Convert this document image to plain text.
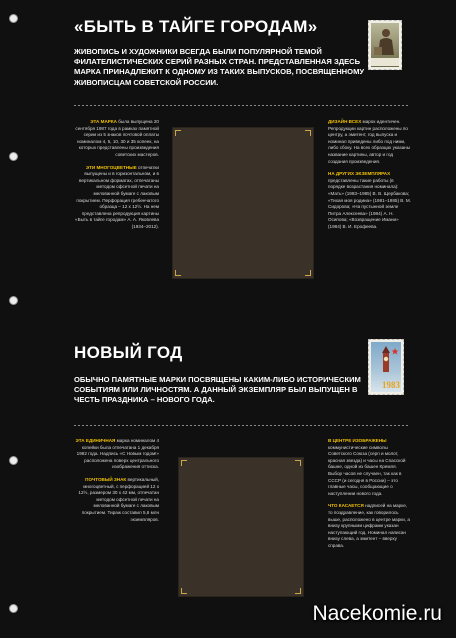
«БЫТЬ В ТАЙГЕ ГОРОДАМ»

ЖИВОПИСЬ И ХУДОЖНИКИ ВСЕГДА БЫЛИ ПОПУЛЯРНОЙ ТЕМОЙ ФИЛАТЕЛИСТИЧЕСКИХ СЕРИЙ РАЗНЫХ СТРАН. ПРЕДСТАВЛЕННАЯ ЗДЕСЬ МАРКА ПРИНАДЛЕЖИТ К ОДНОМУ ИЗ ТАКИХ ВЫПУСКОВ, ПОСВЯЩЕННОМУ ЖИВОПИСЦАМ СОВЕТСКОЙ РОССИИ.

ЭТА МАРКА была выпущена 20 сентября 1987 года в рамках памятной серии из 5 знаков почтовой оплаты номиналом 4, 5, 10, 30 и 35 копеек, на которых представлены произведения советских мастеров.

ЭТИ МНОГОЦВЕТНЫЕ отпечатки выпущены и в горизонтальном, и в вертикальном форматах, отпечатаны методом офсетной печати на мелованной бумаге с лаковым покрытием. Перфорация гребенчатого образца – 12 х 12½. На нем представлена репродукция картины «Быть в тайге городам» А. А. Яковлева (1934–2012).

ДИЗАЙН ВСЕХ марок идентичен. Репродукции картин расположены по центру, а эмитент, год выпуска и номинал приведены либо под ними, либо сбоку. На всех образцах указаны название картины, автор и год создания произведения.

НА ДРУГИХ ЭКЗЕМПЛЯРАХ представлены такие работы (в порядке возрастания номинала): «Мать» (1983–1985) В. В. Щербакова; «Тихая моя родина» (1981–1985) В. М. Сидорова; «На пустынной земле Питра Алексеева» (1984) А. Н. Осипова; «Возвращение Имани» (1984) В. И. Ерофеева.

НОВЫЙ ГОД

ОБЫЧНО ПАМЯТНЫЕ МАРКИ ПОСВЯЩЕНЫ КАКИМ-ЛИБО ИСТОРИЧЕСКИМ СОБЫТИЯМ ИЛИ ЛИЧНОСТЯМ. А ДАННЫЙ ЭКЗЕМПЛЯР БЫЛ ВЫПУЩЕН В ЧЕСТЬ ПРАЗДНИКА – НОВОГО ГОДА.

1983

ЭТА ЕДИНИЧНАЯ марка номиналом 4 копейки была отпечатана 1 декабря 1982 года. Надпись «С Новым годом!» расположена поверх центрального изображения оттиска.

ПОЧТОВЫЙ ЗНАК вертикальный, многоцветный, с перфорацией 12 х 12½, размером 30 х 42 мм, отпечатан методом офсетной печати на мелованной бумаге с лаковым покрытием. Тираж составил 5,6 млн экземпляров.

В ЦЕНТРЕ ИЗОБРАЖЕНЫ коммунистические символы Советского Союза (серп и молот, красная звезда) и часы на Спасской башне, одной из башен Кремля. Выбор часов не случаен, так как в СССР (и сегодня в России) – это главные часы, сообщающие о наступлении нового года.

ЧТО КАСАЕТСЯ надписей на марке, то поздравление, как говорилось выше, расположено в центре марки, а внизу крупными цифрами указан наступающий год. Номинал написан внизу слева, а эмитент – вверху справа.

Nacekomie.ru
